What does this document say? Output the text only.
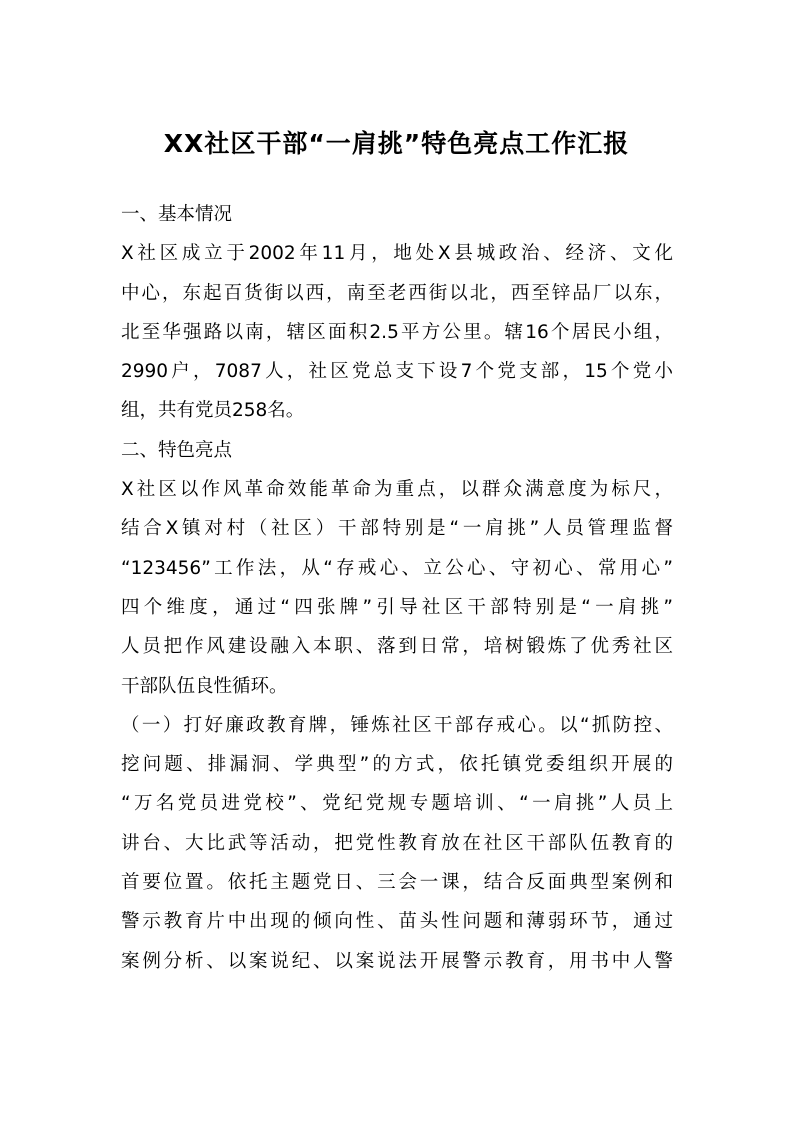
XX社区干部“一肩挑”特色亮点工作汇报
一、基本情况
X社区成立于2002年11月，地处X县城政治、经济、文化
中心，东起百货街以西，南至老西街以北，西至锌品厂以东，
北至华强路以南，辖区面积2.5平方公里。辖16个居民小组，
2990户，7087人，社区党总支下设7个党支部，15个党小
组，共有党员258名。
二、特色亮点
X社区以作风革命效能革命为重点，以群众满意度为标尺，
结合X镇对村（社区）干部特别是“一肩挑”人员管理监督
“123456”工作法，从“存戒心、立公心、守初心、常用心”
四个维度，通过“四张牌”引导社区干部特别是“一肩挑”
人员把作风建设融入本职、落到日常，培树锻炼了优秀社区
干部队伍良性循环。
（一）打好廉政教育牌，锤炼社区干部存戒心。以“抓防控、
挖问题、排漏洞、学典型”的方式，依托镇党委组织开展的
“万名党员进党校”、党纪党规专题培训、“一肩挑”人员上
讲台、大比武等活动，把党性教育放在社区干部队伍教育的
首要位置。依托主题党日、三会一课，结合反面典型案例和
警示教育片中出现的倾向性、苗头性问题和薄弱环节，通过
案例分析、以案说纪、以案说法开展警示教育，用书中人警
